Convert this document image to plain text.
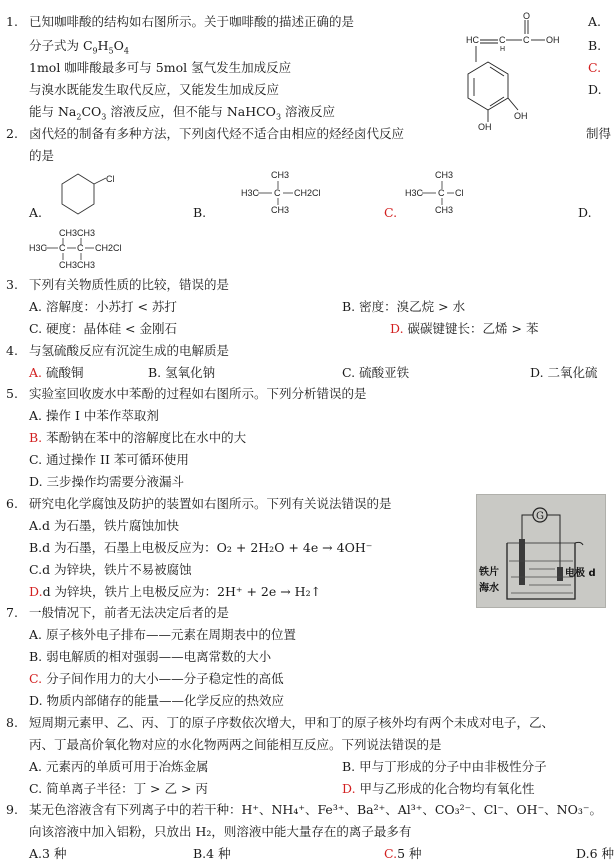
1. 已知咖啡酸的结构如右图所示。关于咖啡酸的描述正确的是
分子式为 $C_9H_5O_4$
1mol 咖啡酸最多可与 5mol 氢气发生加成反应
与溴水既能发生取代反应，又能发生加成反应
能与 $Na_2CO_3$ 溶液反应，但不能与 NaHCO$_3$ 溶液反应
A.
B.
C.
D.
HC C
H
C
O
OH
OH
OH
2. 卤代烃的制备有多种方法，下列卤代烃不适合由相应的烃经卤代反应	制得
的是
A.
Cl
B.
CH3
H3C C CH2Cl
CH3	C.
CH3
H3C C Cl
CH3	D.
CH3CH3
H3C C C CH2Cl
CH3CH3
3. 下列有关物质性质的比较，错误的是
A. 溶解度：小苏打 < 苏打	B. 密度：溴乙烷 > 水
C. 硬度：晶体硅 < 金刚石	D. 碳碳键键长：乙烯 > 苯
4. 与氢硫酸反应有沉淀生成的电解质是
A. 硫酸铜	B. 氢氧化钠	C. 硫酸亚铁	D. 二氧化硫
5. 实验室回收废水中苯酚的过程如右图所示。下列分析错误的是
A. 操作 I 中苯作萃取剂
B. 苯酚钠在苯中的溶解度比在水中的大
C. 通过操作 II 苯可循环使用
D. 三步操作均需要分液漏斗
6. 研究电化学腐蚀及防护的装置如右图所示。下列有关说法错误的是
A.d 为石墨，铁片腐蚀加快
B.d 为石墨，石墨上电极反应为：O₂ + 2H₂O + 4e → 4OH⁻
C.d 为锌块，铁片不易被腐蚀
D.d 为锌块，铁片上电极反应为：2H⁺ + 2e → H₂↑
G
铁片
海水
电极 d
7. 一般情况下，前者无法决定后者的是
A. 原子核外电子排布——元素在周期表中的位置
B. 弱电解质的相对强弱——电离常数的大小
C. 分子间作用力的大小——分子稳定性的高低
D. 物质内部储存的能量——化学反应的热效应
8. 短周期元素甲、乙、丙、丁的原子序数依次增大，甲和丁的原子核外均有两个未成对电子，乙、
丙、丁最高价氧化物对应的水化物两两之间能相互反应。下列说法错误的是
A. 元素丙的单质可用于冶炼金属	B. 甲与丁形成的分子中由非极性分子
C. 简单离子半径：丁 > 乙 > 丙	D. 甲与乙形成的化合物均有氧化性
9. 某无色溶液含有下列离子中的若干种：H⁺、NH₄⁺、Fe³⁺、Ba²⁺、Al³⁺、CO₃²⁻、Cl⁻、OH⁻、NO₃⁻。
向该溶液中加入铝粉，只放出 H₂，则溶液中能大量存在的离子最多有
A.3 种	B.4 种	C.5 种	D.6 种
